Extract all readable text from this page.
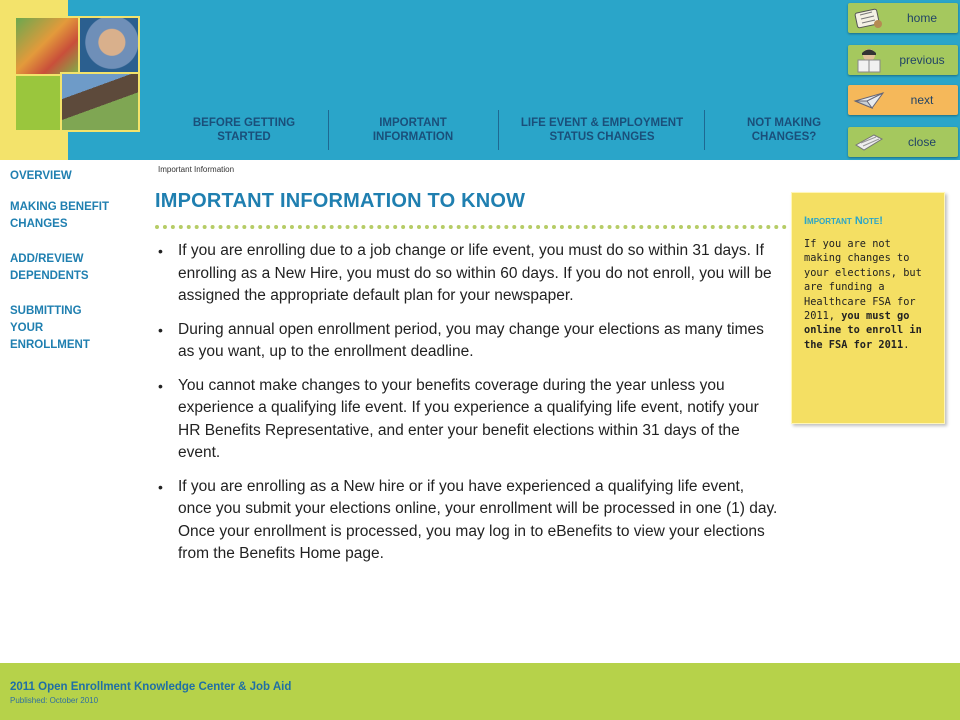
BEFORE GETTING STARTED
IMPORTANT INFORMATION
LIFE EVENT & EMPLOYMENT STATUS CHANGES
NOT MAKING CHANGES?
home
previous
next
close
OVERVIEW
MAKING BENEFIT CHANGES
ADD/REVIEW DEPENDENTS
SUBMITTING YOUR ENROLLMENT
Important Information
IMPORTANT INFORMATION TO KNOW
• If you are enrolling due to a job change or life event, you must do so within 31 days. If enrolling as a New Hire, you must do so within 60 days. If you do not enroll, you will be assigned the appropriate default plan for your newspaper.
• During annual open enrollment period, you may change your elections as many times as you want, up to the enrollment deadline.
• You cannot make changes to your benefits coverage during the year unless you experience a qualifying life event. If you experience a qualifying life event, notify your HR Benefits Representative, and enter your benefit elections within 31 days of the event.
• If you are enrolling as a New hire or if you have experienced a qualifying life event, once you submit your elections online, your enrollment will be processed in one (1) day. Once your enrollment is processed, you may log in to eBenefits to view your elections from the Benefits Home page.
Important Note!
If you are not making changes to your elections, but are funding a Healthcare FSA for 2011, you must go online to enroll in the FSA for 2011.
2011 Open Enrollment Knowledge Center & Job Aid
Published: October 2010
